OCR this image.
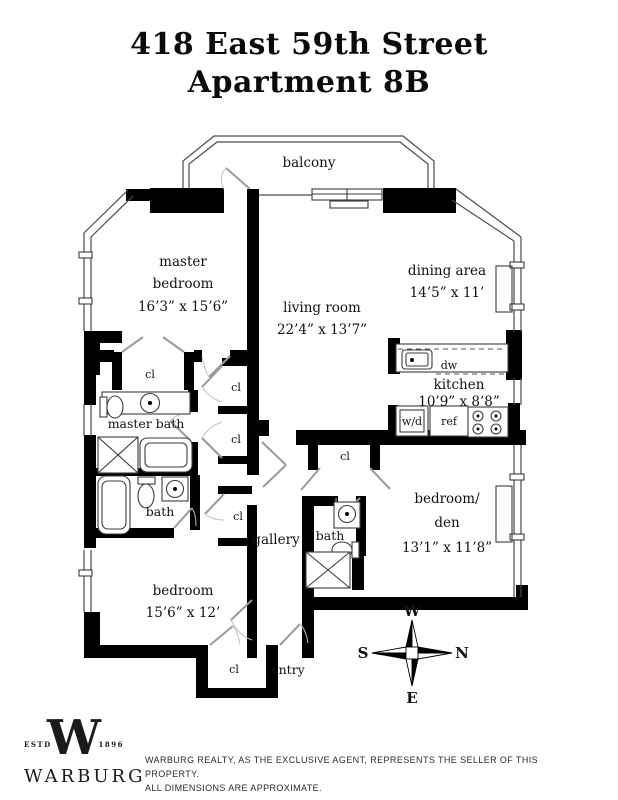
418 East 59th Street
Apartment 8B
balcony
master
bedroom
16’3” x 15’6”	living room
22’4” x 13’7”
dining area
14’5” x 11’
kitchen
10’9” x 8’8”
master bath
bath
bath
bedroom
15’6” x 12’
bedroom/
den
13’1” x 11’8”
gallery
entry
cl
cl
cl
cl
cl
cl
dw
w/d ref
W
N
E
S
ESTD
W
1896
WARBURG
WARBURG REALTY, AS THE EXCLUSIVE AGENT, REPRESENTS THE SELLER OF THIS PROPERTY.
ALL DIMENSIONS ARE APPROXIMATE.
